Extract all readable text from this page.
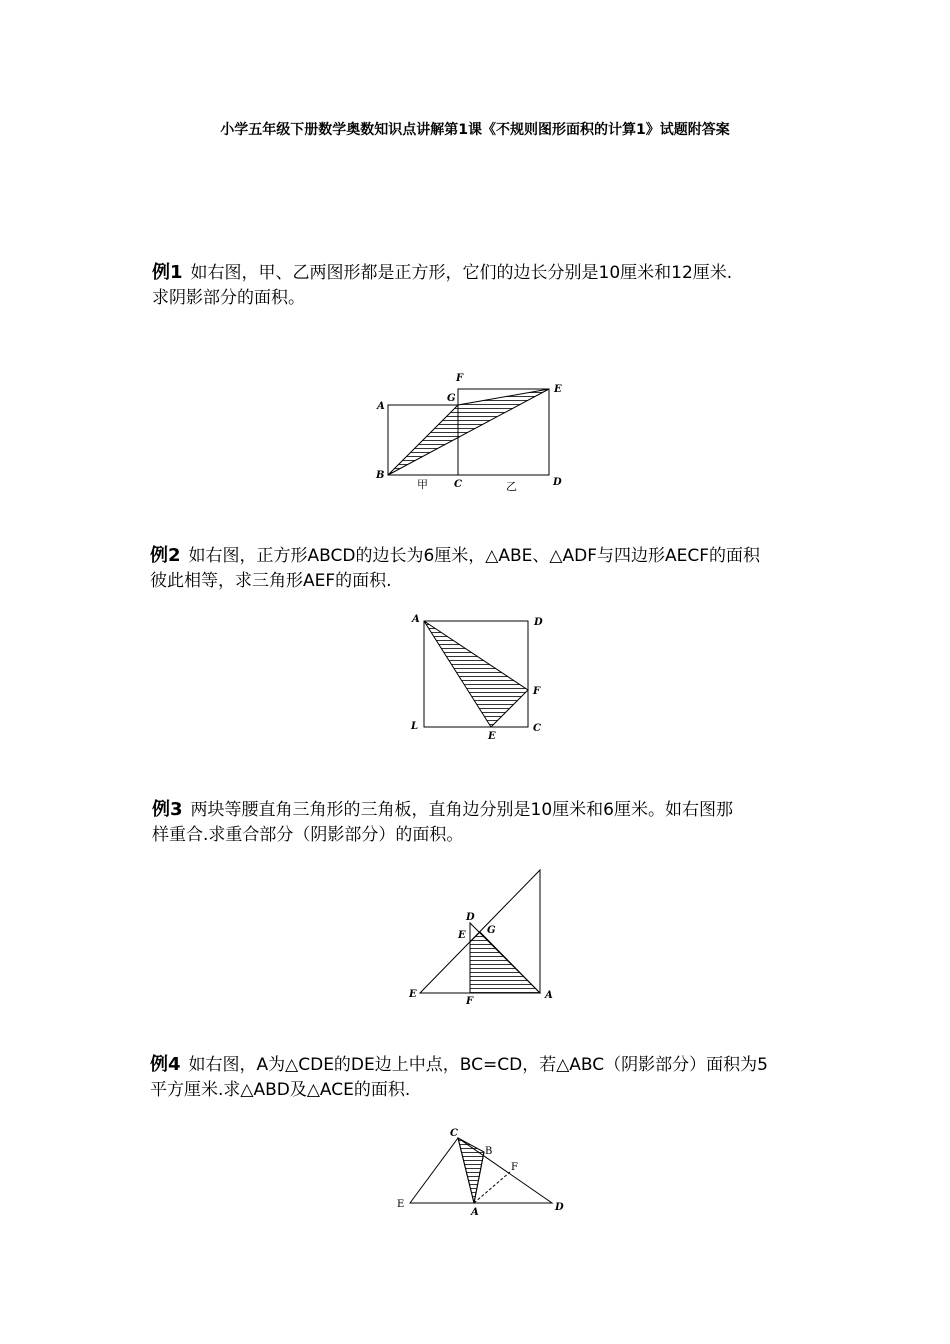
小学五年级下册数学奥数知识点讲解第1课《不规则图形面积的计算1》试题附答案
例1 如右图，甲、乙两图形都是正方形，它们的边长分别是10厘米和12厘米.
求阴影部分的面积。
A
B
C	D
E
F
G
甲	乙
例2 如右图，正方形ABCD的边长为6厘米，△ABE、△ADF与四边形AECF的面积
彼此相等，求三角形AEF的面积.
A	D
F
L	C
E
例3 两块等腰直角三角形的三角板，直角边分别是10厘米和6厘米。如右图那
样重合.求重合部分（阴影部分）的面积。
D
E G
E
F
A
例4 如右图，A为△CDE的DE边上中点，BC=CD，若△ABC（阴影部分）面积为5
平方厘米.求△ABD及△ACE的面积.
C
B
F
E
A	D
